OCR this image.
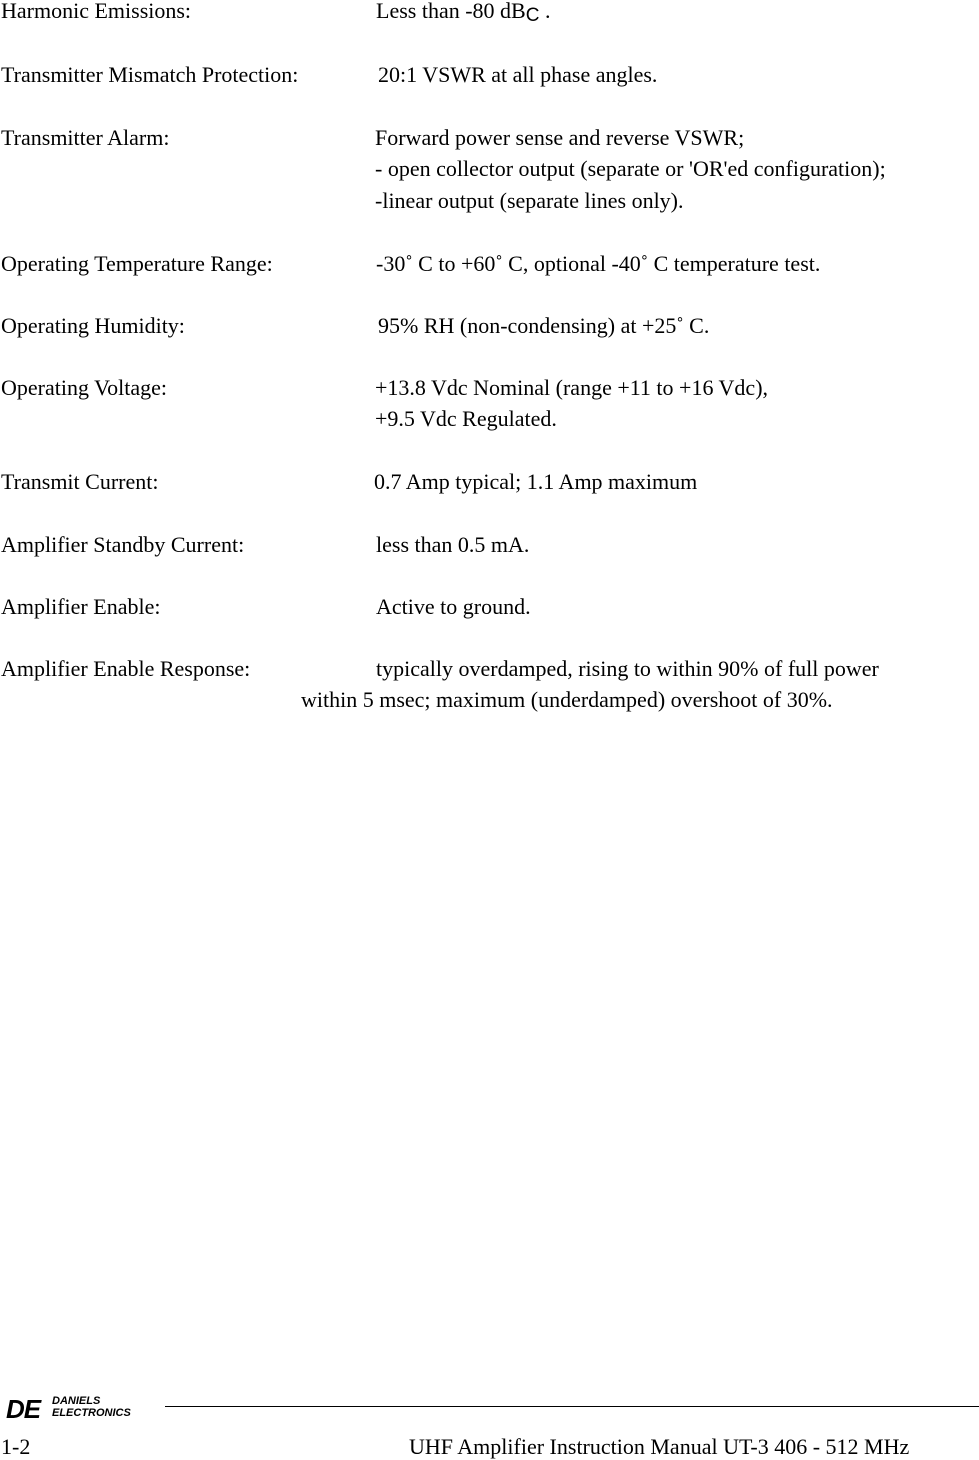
Harmonic Emissions:	Less than -80 dBC .
Transmitter Mismatch Protection:	20:1 VSWR at all phase angles.
Transmitter Alarm:	Forward power sense and reverse VSWR;
- open collector output (separate or 'OR'ed configuration);
-linear output (separate lines only).
Operating Temperature Range:	-30˚ C to +60˚ C, optional -40˚ C temperature test.
Operating Humidity:	95% RH (non-condensing) at +25˚ C.
Operating Voltage:	+13.8 Vdc Nominal (range +11 to +16 Vdc),
+9.5 Vdc Regulated.
Transmit Current:	0.7 Amp typical; 1.1 Amp maximum
Amplifier Standby Current:	less than 0.5 mA.
Amplifier Enable:	Active to ground.
Amplifier Enable Response:	typically overdamped, rising to within 90% of full power
within 5 msec; maximum (underdamped) overshoot of 30%.
DE DANIELS
ELECTRONICS
1-2	UHF Amplifier Instruction Manual UT-3 406 - 512 MHz
